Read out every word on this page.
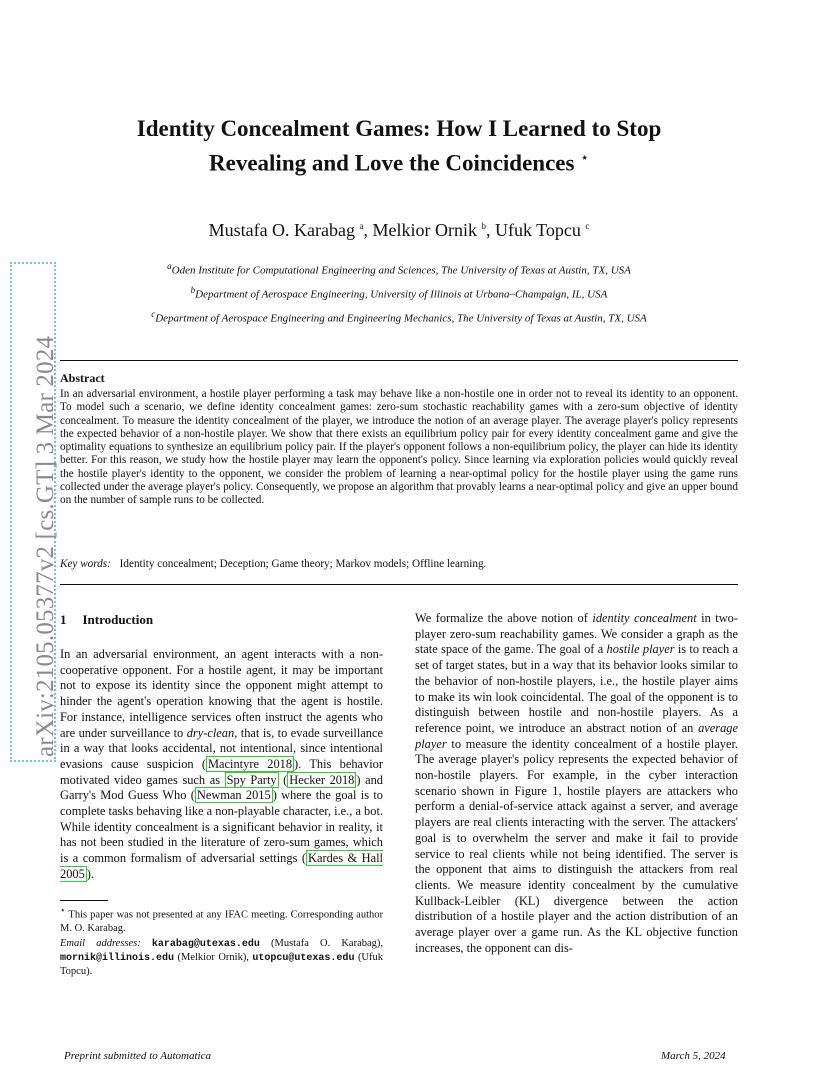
arXiv:2105.05377v2 [cs.GT] 3 Mar 2024
Identity Concealment Games: How I Learned to Stop
Revealing and Love the Coincidences ⋆
Mustafa O. Karabag $^a$, Melkior Ornik $^b$, Ufuk Topcu $^c$
$^a$Oden Institute for Computational Engineering and Sciences, The University of Texas at Austin, TX, USA
$^b$Department of Aerospace Engineering, University of Illinois at Urbana–Champaign, IL, USA
$^c$Department of Aerospace Engineering and Engineering Mechanics, The University of Texas at Austin, TX, USA
Abstract
In an adversarial environment, a hostile player performing a task may behave like a non-hostile one in order not to reveal its identity to an opponent. To model such a scenario, we define identity concealment games: zero-sum stochastic reachability games with a zero-sum objective of identity concealment. To measure the identity concealment of the player, we introduce the notion of an average player. The average player's policy represents the expected behavior of a non-hostile player. We show that there exists an equilibrium policy pair for every identity concealment game and give the optimality equations to synthesize an equilibrium policy pair. If the player's opponent follows a non-equilibrium policy, the player can hide its identity better. For this reason, we study how the hostile player may learn the opponent's policy. Since learning via exploration policies would quickly reveal the hostile player's identity to the opponent, we consider the problem of learning a near-optimal policy for the hostile player using the game runs collected under the average player's policy. Consequently, we propose an algorithm that provably learns a near-optimal policy and give an upper bound on the number of sample runs to be collected.
Key words: Identity concealment; Deception; Game theory; Markov models; Offline learning.
1 Introduction
In an adversarial environment, an agent interacts with a non-cooperative opponent. For a hostile agent, it may be important not to expose its identity since the opponent might attempt to hinder the agent's operation knowing that the agent is hostile. For instance, intelligence services often instruct the agents who are under surveillance to dry-clean, that is, to evade surveillance in a way that looks accidental, not intentional, since intentional evasions cause suspicion ( Macintyre 2018 ). This behavior motivated video games such as Spy Party ( Hecker 2018 ) and Garry's Mod Guess Who ( Newman 2015 ) where the goal is to complete tasks behaving like a non-playable character, i.e., a bot. While identity concealment is a significant behavior in reality, it has not been studied in the literature of zero-sum games, which is a common formalism of adversarial settings ( Kardes & Hall 2005 ).
⋆ This paper was not presented at any IFAC meeting. Corresponding author M. O. Karabag.
Email addresses: karabag@utexas.edu (Mustafa O. Karabag), mornik@illinois.edu (Melkior Ornik), utopcu@utexas.edu (Ufuk Topcu).
We formalize the above notion of identity concealment in two-player zero-sum reachability games. We consider a graph as the state space of the game. The goal of a hostile player is to reach a set of target states, but in a way that its behavior looks similar to the behavior of non-hostile players, i.e., the hostile player aims to make its win look coincidental. The goal of the opponent is to distinguish between hostile and non-hostile players. As a reference point, we introduce an abstract notion of an average player to measure the identity concealment of a hostile player. The average player's policy represents the expected behavior of non-hostile players. For example, in the cyber interaction scenario shown in Figure 1, hostile players are attackers who perform a denial-of-service attack against a server, and average players are real clients interacting with the server. The attackers' goal is to overwhelm the server and make it fail to provide service to real clients while not being identified. The server is the opponent that aims to distinguish the attackers from real clients. We measure identity concealment by the cumulative Kullback-Leibler (KL) divergence between the action distribution of a hostile player and the action distribution of an average player over a game run. As the KL objective function increases, the opponent can dis-
Preprint submitted to Automatica	March 5, 2024
